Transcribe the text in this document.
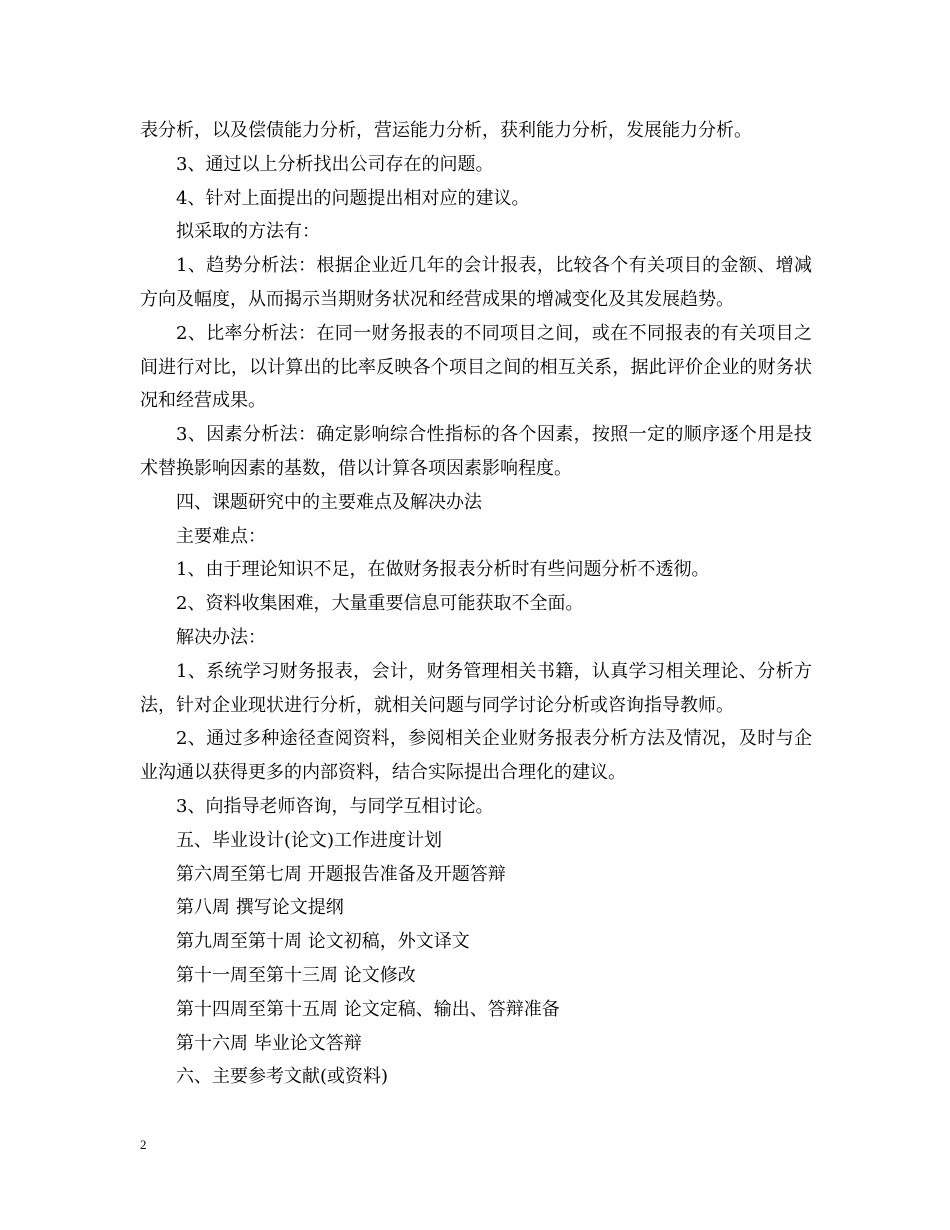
表分析，以及偿债能力分析，营运能力分析，获利能力分析，发展能力分析。

3、通过以上分析找出公司存在的问题。

4、针对上面提出的问题提出相对应的建议。

拟采取的方法有：

1、趋势分析法：根据企业近几年的会计报表，比较各个有关项目的金额、增减方向及幅度，从而揭示当期财务状况和经营成果的增减变化及其发展趋势。

2、比率分析法：在同一财务报表的不同项目之间，或在不同报表的有关项目之间进行对比，以计算出的比率反映各个项目之间的相互关系，据此评价企业的财务状况和经营成果。

3、因素分析法：确定影响综合性指标的各个因素，按照一定的顺序逐个用是技术替换影响因素的基数，借以计算各项因素影响程度。

四、课题研究中的主要难点及解决办法

主要难点：

1、由于理论知识不足，在做财务报表分析时有些问题分析不透彻。

2、资料收集困难，大量重要信息可能获取不全面。

解决办法：

1、系统学习财务报表，会计，财务管理相关书籍，认真学习相关理论、分析方法，针对企业现状进行分析，就相关问题与同学讨论分析或咨询指导教师。

2、通过多种途径查阅资料，参阅相关企业财务报表分析方法及情况，及时与企业沟通以获得更多的内部资料，结合实际提出合理化的建议。

3、向指导老师咨询，与同学互相讨论。

五、毕业设计(论文)工作进度计划

第六周至第七周 开题报告准备及开题答辩

第八周 撰写论文提纲

第九周至第十周 论文初稿，外文译文

第十一周至第十三周 论文修改

第十四周至第十五周 论文定稿、输出、答辩准备

第十六周 毕业论文答辩

六、主要参考文献(或资料)

2
